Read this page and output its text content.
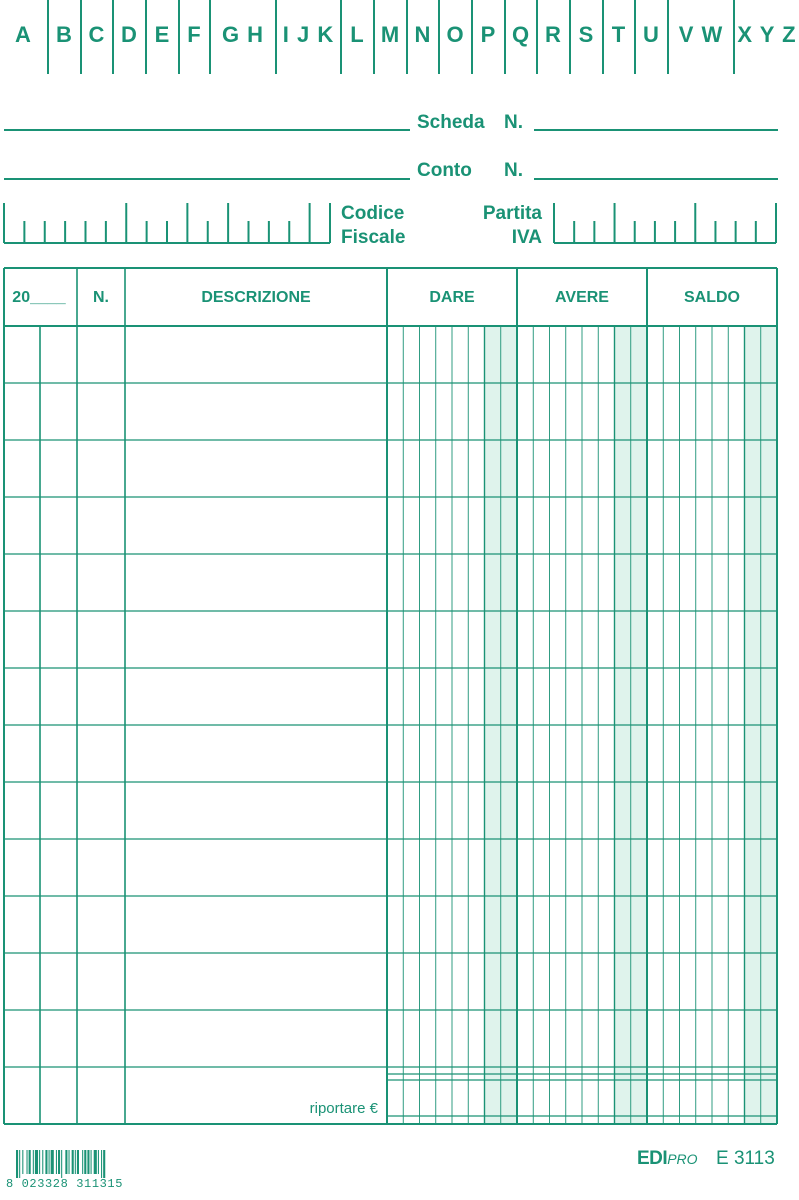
A	B C D E F G H I J K L M N O P Q R S T U V W X Y Z
Scheda N.
Conto N.
Codice
Fiscale
Partita
IVA
20____	N.	DESCRIZIONE	DARE	AVERE	SALDO
riportare €
8 023328 311315
EDIPRO E 3113
